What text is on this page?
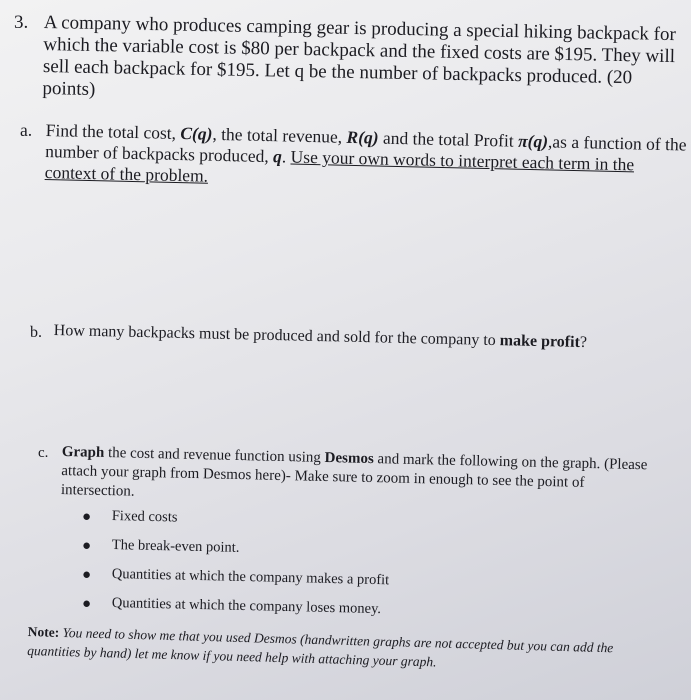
3. A company who produces camping gear is producing a special hiking backpack for which the variable cost is $80 per backpack and the fixed costs are $195. They will sell each backpack for $195. Let q be the number of backpacks produced. (20 points)
a. Find the total cost, C(q), the total revenue, R(q) and the total Profit π(q),as a function of the number of backpacks produced, q. Use your own words to interpret each term in the context of the problem.
b. How many backpacks must be produced and sold for the company to make profit?
c. Graph the cost and revenue function using Desmos and mark the following on the graph. (Please attach your graph from Desmos here)- Make sure to zoom in enough to see the point of intersection.
● Fixed costs
● The break-even point.
● Quantities at which the company makes a profit
● Quantities at which the company loses money.
Note: You need to show me that you used Desmos (handwritten graphs are not accepted but you can add the quantities by hand) let me know if you need help with attaching your graph.
